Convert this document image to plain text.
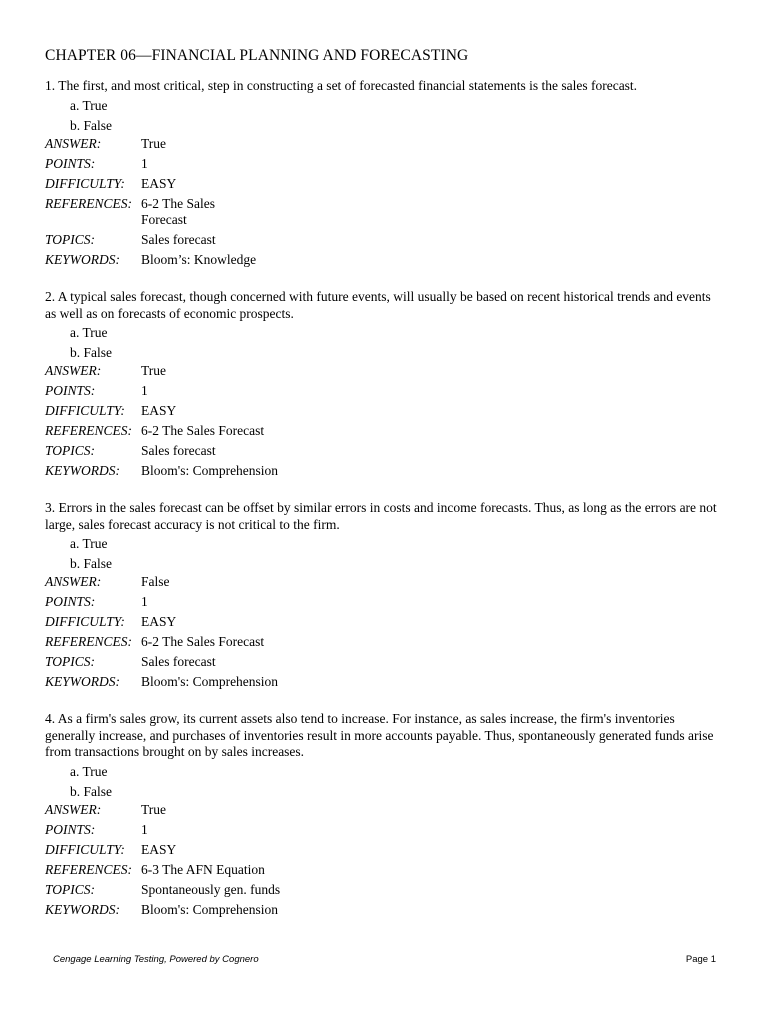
CHAPTER 06—FINANCIAL PLANNING AND FORECASTING

1. The first, and most critical, step in constructing a set of forecasted financial statements is the sales forecast.

a. True
b. False
ANSWER:	True
POINTS:	1
DIFFICULTY:	EASY
REFERENCES: 6-2 The Sales Forecast
TOPICS:	Sales forecast
KEYWORDS:	Bloom’s: Knowledge

2. A typical sales forecast, though concerned with future events, will usually be based on recent historical trends and events as well as on forecasts of economic prospects.

a. True
b. False
ANSWER:	True
POINTS:	1
DIFFICULTY:	EASY
REFERENCES: 6-2 The Sales Forecast
TOPICS:	Sales forecast
KEYWORDS:	Bloom's: Comprehension

3. Errors in the sales forecast can be offset by similar errors in costs and income forecasts. Thus, as long as the errors are not large, sales forecast accuracy is not critical to the firm.

a. True
b. False
ANSWER:	False
POINTS:	1
DIFFICULTY:	EASY
REFERENCES: 6-2 The Sales Forecast
TOPICS:	Sales forecast
KEYWORDS:	Bloom's: Comprehension

4. As a firm's sales grow, its current assets also tend to increase. For instance, as sales increase, the firm's inventories generally increase, and purchases of inventories result in more accounts payable. Thus, spontaneously generated funds arise from transactions brought on by sales increases.

a. True
b. False
ANSWER:	True
POINTS:	1
DIFFICULTY:	EASY
REFERENCES: 6-3 The AFN Equation
TOPICS:	Spontaneously gen. funds
KEYWORDS:	Bloom's: Comprehension
Cengage Learning Testing, Powered by Cognero	Page 1
